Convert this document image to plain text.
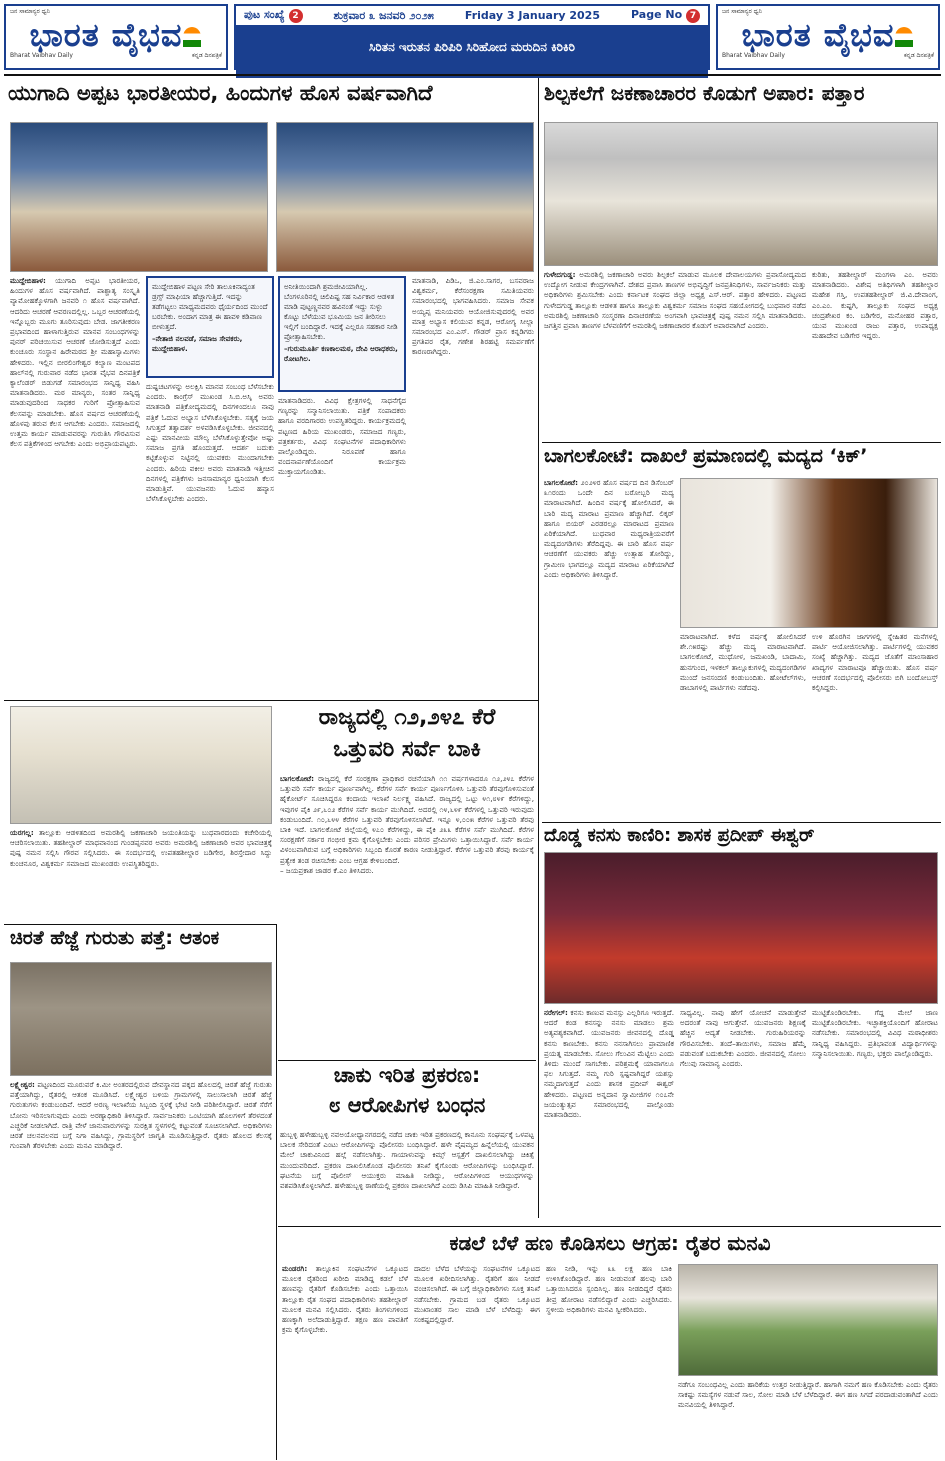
ಜನ ಸಾಮಾನ್ಯರ ಧ್ವನಿ
ಭಾರತ ವೈಭವ
Bharat Vaibhav Daily	ಕನ್ನಡ ದಿನಪತ್ರಿಕೆ
ಪುಟ ಸಂಖ್ಯೆ 2	ಶುಕ್ರವಾರ ೩ ಜನವರಿ ೨೦೨೫	Friday 3 January 2025	Page No 7
ಸಿರಿತನ ಇರುತನ ಪಿರಿಪಿರಿ ಸಿರಿಹೋದ ಮರುದಿನ ಕಿರಿಕಿರಿ
ಜನ ಸಾಮಾನ್ಯರ ಧ್ವನಿ
ಭಾರತ ವೈಭವ
Bharat Vaibhav Daily	ಕನ್ನಡ ದಿನಪತ್ರಿಕೆ
ಯುಗಾದಿ ಅಪ್ಪಟ ಭಾರತೀಯರ, ಹಿಂದುಗಳ ಹೊಸ ವರ್ಷವಾಗಿದೆ
ಮುದ್ದೇಬಿಹಾಳ: ಯುಗಾದಿ ಅಪ್ಪಟ ಭಾರತೀಯರ, ಹಿಂದುಗಳ ಹೊಸ ವರ್ಷವಾಗಿದೆ. ಪಾಶ್ಚಾತ್ಯ ಸಂಸ್ಕೃತಿ ವ್ಯಾಮೋಹಕ್ಕೊಳಗಾಗಿ ಜನವರಿ ೧ ಹೊಸ ವರ್ಷವಾಗಿದೆ. ಆದರಿದು ಆಚರಣೆ ಆವರಣದಲ್ಲಿಲ್ಲ. ಒಬ್ಬರ ಆಚರಣೆಯಲ್ಲಿ ಇನ್ನೊಬ್ಬರು ಮೂಗು ತೂರಿಸುವುದು ಬೇಡ. ಜಾಗತೀಕರಣ ಪ್ರಭಾವದಿಂದ ಹಾಳಾಗುತ್ತಿರುವ ಮಾನವ ಸಂಬಂಧಗಳನ್ನು ಪುನರ್ ಪರಿಚಯಿಸುವ ಆಚರಣೆ ಜೋಡಿಸುತ್ತದೆ ಎಂದು ಕುಂಚೂರು ಸಂಸ್ಥಾನ ಹಿರೇಮಠದ ಶ್ರೀ ಮಹಾಸ್ವಾಮಿಗಳು ಹೇಳಿದರು. ಇಲ್ಲಿನ ಬೀರಲಿಂಗೇಶ್ವರ ಕಲ್ಯಾಣ ಮಂಟಪದ ಹಾಲ್‌ನಲ್ಲಿ ಗುರುವಾರ ನಡೆದ ಭಾರತ ವೈಭವ ದಿನಪತ್ರಿಕೆ ಕ್ಯಾಲೆಂಡರ್ ಬಿಡುಗಡೆ ಸಮಾರಂಭದ ಸಾನ್ನಿಧ್ಯ ವಹಿಸಿ ಮಾತನಾಡಿದರು. ಮಠ ಮಾನ್ಯರು, ಸಂತರ ಸಾನ್ನಿಧ್ಯ ಮಾಡುವುದರಿಂದ ಸಾಧಕರ ಗುರಿಗೆ ಪ್ರೋತ್ಸಾಹಿಸುವ ಕೆಲಸವನ್ನು ಮಾಡಬೇಕು. ಹೊಸ ವರ್ಷದ ಆಚರಣೆಯಲ್ಲಿ ಹೊಳಪು ತರುವ ಕೆಲಸ ಆಗಬೇಕು ಎಂದರು. ಸಮಾಜದಲ್ಲಿ ಉತ್ತಮ ಕಾರ್ಯ ಮಾಡುವವರನ್ನು ಗುರುತಿಸಿ ಗೌರವಿಸುವ ಕೆಲಸ ಪತ್ರಿಕೆಗಳಿಂದ ಆಗಬೇಕು ಎಂದು ಅಭಿಪ್ರಾಯಪಟ್ಟರು.
ಮುದ್ದೇಬಿಹಾಳ ಪಟ್ಟಣ ಸೇರಿ ತಾಲೂಕಿನಾದ್ಯಂತ ಡ್ರಗ್ಸ್ ಮಾಫಿಯಾ ಹೆಚ್ಚಾಗುತ್ತಿದೆ. ಇದನ್ನು ತಡೆಗಟ್ಟಲು ಮಾಧ್ಯಮದವರು ಧೈರ್ಯದಿಂದ ಮುಂದೆ ಬರಬೇಕು. ಅಂದಾಗ ಮಾತ್ರ ಈ ಹಾವಳಿ ಕಡಿವಾಣ ಬೀಳುತ್ತದೆ.
–ನೇತಾಜಿ ನಲವಡೆ, ಸಮಾಜ ಸೇವಕರು, ಮುದ್ದೇಬಿಹಾಳ.
ದುಷ್ಟಚಟಗಳನ್ನು ಅಲಕ್ಷಿಸಿ ಮಾನವ ಸಂಬಂಧ ಬೆಳೆಸಬೇಕು ಎಂದರು. ಕಾಂಗ್ರೆಸ್ ಮುಖಂಡ ಸಿ.ಬಿ.ಅಸ್ಕಿ ಅವರು ಮಾತನಾಡಿ ಪತ್ರಿಕೋದ್ಯಮದಲ್ಲಿ ದಿನಗಳಿಂದಲೂ ನಾವು ಪತ್ರಿಕೆ ಓದುವ ಅಭ್ಯಾಸ ಬೆಳೆಸಿಕೊಳ್ಳಬೇಕು. ಸತ್ಯಕ್ಕೆ ಜಯ ಸಿಗುತ್ತದೆ ತತ್ವಾದರ್ಶ ಅಳವಡಿಸಿಕೊಳ್ಳಬೇಕು. ಜೀವನದಲ್ಲಿ ಎಷ್ಟು ಮಾನವೀಯ ಮೌಲ್ಯ ಬೆಳೆಸಿಕೊಳ್ಳುತ್ತೇವೋ ಅಷ್ಟು ಸಮಾಜ ಪ್ರಗತಿ ಹೊಂದುತ್ತದೆ. ಆದರ್ಶ ಬದುಕು ಕಟ್ಟಿಕೊಳ್ಳುವ ನಿಟ್ಟಿನಲ್ಲಿ ಯುವಕರು ಮುಂದಾಗಬೇಕು ಎಂದರು. ಹಿರಿಯ ವಕೀಲ ಅವರು ಮಾತನಾಡಿ ಇತ್ತೀಚಿನ ದಿನಗಳಲ್ಲಿ ಪತ್ರಿಕೆಗಳು ಜನಸಾಮಾನ್ಯರ ಧ್ವನಿಯಾಗಿ ಕೆಲಸ ಮಾಡುತ್ತಿವೆ. ಯುವಜನರು ಓದುವ ಹವ್ಯಾಸ ಬೆಳೆಸಿಕೊಳ್ಳಬೇಕು ಎಂದರು.
ಅನೀತಿಯಿಂದಾಗಿ ಶ್ರಮಜೀವಿಯಾಗಿಲ್ಲ. ಬೆಂಗಳೂರಿನಲ್ಲಿ ಚಿಲಿಪಿಷ್ಟ ಸಹ ನಿರ್ವಿಕಾರ ಆಡಳಿತ ಮಾಡಿ ಪುಟ್ಟಣ್ಣನವರ ಹವಿನಂತೆ ಇದ್ದು ಸುಳ್ಳು ಕೊಟ್ಟು ಬೆಳೆಯುವ ಭೂಮಿಯ ಜನ ತೀರಿಸಲು ಇಲ್ಲಿಗೆ ಬಂದಿದ್ದಾರೆ. ಇದಕ್ಕೆ ಎಲ್ಲರೂ ಸಹಕಾರ ನೀಡಿ ಪ್ರೋತ್ಸಾಹಿಸಬೇಕು.
–ಗುರುಮೂರ್ತಿ ಕಣಕಾಲಮಠ, ದೇವಿ ಆರಾಧಕರು, ರೋಟಗಿಲ.
ಮಾತನಾಡಿದರು. ವಿವಿಧ ಕ್ಷೇತ್ರಗಳಲ್ಲಿ ಸಾಧನೆಗೈದ ಗಣ್ಯರನ್ನು ಸನ್ಮಾನಿಸಲಾಯಿತು. ಪತ್ರಿಕೆ ಸಂಪಾದಕರು ಹಾಗೂ ವರದಿಗಾರರು ಉಪಸ್ಥಿತರಿದ್ದರು. ಕಾರ್ಯಕ್ರಮದಲ್ಲಿ ಪಟ್ಟಣದ ಹಿರಿಯ ಮುಖಂಡರು, ಸಮಾಜದ ಗಣ್ಯರು, ಪತ್ರಕರ್ತರು, ವಿವಿಧ ಸಂಘಟನೆಗಳ ಪದಾಧಿಕಾರಿಗಳು ಪಾಲ್ಗೊಂಡಿದ್ದರು. ನಿರೂಪಣೆ ಹಾಗೂ ವಂದನಾರ್ಪಣೆಯೊಂದಿಗೆ ಕಾರ್ಯಕ್ರಮ ಮುಕ್ತಾಯಗೊಂಡಿತು.
ಮಾತನಾಡಿ, ಪಿಡಿಒ, ಜಿ.ಎಂ.ಸಾಗರ, ಬಸವರಾಜ ವಿಶ್ವಕರ್ಮ, ಕೆರೆಸಂರಕ್ಷಣಾ ಸಮಿತಿಯವರು ಸಮಾರಂಭದಲ್ಲಿ ಭಾಗವಹಿಸಿದರು. ಸಮಾಜ ಸೇವಕ ಅಯ್ಯಪ್ಪ ಮನಿಯವರು ಆಯೋಜಿಸುವುದರಲ್ಲಿ ಅವರ ಮಾತ್ರ ಅಭ್ಯಾಸ ಕಲಿಯುವ ಕನ್ನಡ, ಆರೋಗ್ಯ ಸೀಲ್ಲಾ ಸಮಾರಂಭದ ಎಂ.ಎಸ್. ಗೌಡರ್ ಪ್ರಾಸ ಕನ್ನಡಿಗರು ಪ್ರಗತಿಪರ ರೈತ, ಗಣೇಶ ಶಿರಹಟ್ಟಿ ಸಮರ್ಪಣೆಗೆ ಕಾರಣರಾಗಿದ್ದರು.
ಶಿಲ್ಪಕಲೆಗೆ ಜಕಣಾಚಾರರ ಕೊಡುಗೆ ಅಪಾರ: ಪತ್ತಾರ
ಗುಳೇದಗುಡ್ಡ: ಅಮರಶಿಲ್ಪಿ ಜಕಣಾಚಾರಿ ಅವರು ಶಿಲ್ಪಕಲೆ ಮಾಡುವ ಮೂಲಕ ದೇವಾಲಯಗಳು ಪ್ರವಾಸೋದ್ಯಮದ ಉದ್ಯೋಗ ನೀಡುವ ಕೇಂದ್ರಗಳಾಗಿವೆ. ದೇಶದ ಪ್ರವಾಸಿ ತಾಣಗಳ ಅಭಿವೃದ್ಧಿಗೆ ಜನಪ್ರತಿನಿಧಿಗಳು, ಸಾರ್ವಜನಿಕರು ಮತ್ತು ಅಧಿಕಾರಿಗಳು ಶ್ರಮಿಸಬೇಕು ಎಂದು ಕರ್ನಾಟಕ ಸಂಘದ ಜಿಲ್ಲಾ ಅಧ್ಯಕ್ಷ ಎಸ್.ಆರ್. ಪತ್ತಾರ ಹೇಳಿದರು. ಪಟ್ಟಣದ ಗುಳೇದಗುಡ್ಡ ತಾಲ್ಲೂಕು ಆಡಳಿತ ಹಾಗೂ ತಾಲ್ಲೂಕು ವಿಶ್ವಕರ್ಮ ಸಮಾಜ ಸಂಘದ ಸಹಯೋಗದಲ್ಲಿ ಬುಧವಾರ ನಡೆದ ಅಮರಶಿಲ್ಪಿ ಜಕಣಾಚಾರಿ ಸಂಸ್ಮರಣಾ ದಿನಾಚರಣೆಯ ಅಂಗವಾಗಿ ಭಾವಚಿತ್ರಕ್ಕೆ ಪುಷ್ಪ ನಮನ ಸಲ್ಲಿಸಿ ಮಾತನಾಡಿದರು. ಜಗತ್ತಿನ ಪ್ರವಾಸಿ ತಾಣಗಳ ಬೆಳವಣಿಗೆಗೆ ಅಮರಶಿಲ್ಪಿ ಜಕಣಾಚಾರರ ಕೊಡುಗೆ ಅಪಾರವಾಗಿದೆ ಎಂದರು.
ಕುರಿತು, ತಹಶೀಲ್ದಾರ್ ಮಂಗಳಾ ಎಂ. ಅವರು ಮಾತನಾಡಿದರು. ವಿಶೇಷ ಅತಿಥಿಗಳಾಗಿ ತಹಶೀಲ್ದಾರ ಮಹೇಶ ಗಸ್ತಿ, ಉಪತಹಶೀಲ್ದಾರ್ ಜಿ.ವಿ.ದೇವಾಂಗ, ಎಂ.ಎಂ. ಕುಷ್ಟಗಿ, ತಾಲ್ಲೂಕು ಸಂಘದ ಅಧ್ಯಕ್ಷ ಚಂದ್ರಶೇಖರ ಕಂ. ಬಡಿಗೇರ, ಮನೋಹರ ಪತ್ತಾರ, ಯುವ ಮುಖಂಡ ರಾಜು ಪತ್ತಾರ, ಉಪಾಧ್ಯಕ್ಷ ಮಹಾದೇವ ಬಡಿಗೇರ ಇದ್ದರು.
ಬಾಗಲಕೋಟೆ: ದಾಖಲೆ ಪ್ರಮಾಣದಲ್ಲಿ ಮದ್ಯದ ‘ಕಿಕ್’
ಬಾಗಲಕೋಟೆ: ೨೦೨೪ರ ಹೊಸ ವರ್ಷದ ದಿನ ಡಿಸೆಂಬರ್ ೩೧ರಂದು ಒಂದೇ ದಿನ ಬರೋಬ್ಬರಿ ಮದ್ಯ ಮಾರಾಟವಾಗಿದೆ. ಹಿಂದಿನ ವರ್ಷಕ್ಕೆ ಹೋಲಿಸಿದರೆ, ಈ ಬಾರಿ ಮದ್ಯ ಮಾರಾಟ ಪ್ರಮಾಣ ಹೆಚ್ಚಾಗಿದೆ. ಲಿಕ್ಕರ್ ಹಾಗೂ ಬಿಯರ್ ಎರಡರಲ್ಲೂ ಮಾರಾಟದ ಪ್ರಮಾಣ ಏರಿಕೆಯಾಗಿದೆ. ಬುಧವಾರ ಮಧ್ಯರಾತ್ರಿಯವರೆಗೆ ಮದ್ಯದಂಗಡಿಗಳು ತೆರೆದಿದ್ದವು. ಈ ಬಾರಿ ಹೊಸ ವರ್ಷ ಆಚರಣೆಗೆ ಯುವಕರು ಹೆಚ್ಚು ಉತ್ಸಾಹ ತೋರಿದ್ದು, ಗ್ರಾಮೀಣ ಭಾಗದಲ್ಲೂ ಮದ್ಯದ ಮಾರಾಟ ಏರಿಕೆಯಾಗಿದೆ ಎಂದು ಅಧಿಕಾರಿಗಳು ತಿಳಿಸಿದ್ದಾರೆ.
ಮಾರಾಟವಾಗಿದೆ. ಕಳೆದ ವರ್ಷಕ್ಕೆ ಹೋಲಿಸಿದರೆ ಶೇ.೧೫ರಷ್ಟು ಹೆಚ್ಚು ಮದ್ಯ ಮಾರಾಟವಾಗಿದೆ. ಬಾಗಲಕೋಟೆ, ಮುಧೋಳ, ಜಮಖಂಡಿ, ಬಾದಾಮಿ, ಹುನಗುಂದ, ಇಳಕಲ್ ತಾಲ್ಲೂಕುಗಳಲ್ಲಿ ಮದ್ಯದಂಗಡಿಗಳ ಮುಂದೆ ಜನಸಂದಣಿ ಕಂಡುಬಂದಿತು. ಹೋಟೆಲ್‌ಗಳು, ಡಾಬಾಗಳಲ್ಲಿ ಪಾರ್ಟಿಗಳು ನಡೆದವು.
ಉಳಿ ಹೊರಗಿನ ಜಾಗಗಳಲ್ಲಿ ಸ್ನೇಹಿತರ ಮನೆಗಳಲ್ಲಿ ಪಾರ್ಟಿ ಆಯೋಜಿಸಲಾಗಿತ್ತು. ಪಾರ್ಟಿಗಳಲ್ಲಿ ಯುವಕರ ಸಂಖ್ಯೆ ಹೆಚ್ಚಾಗಿತ್ತು. ಮದ್ಯದ ಜೊತೆಗೆ ಮಾಂಸಾಹಾರ ಖಾದ್ಯಗಳ ಮಾರಾಟವೂ ಹೆಚ್ಚಾಯಿತು. ಹೊಸ ವರ್ಷ ಆಚರಣೆ ಸಂದರ್ಭದಲ್ಲಿ ಪೊಲೀಸರು ಬಿಗಿ ಬಂದೋಬಸ್ತ್ ಕಲ್ಪಿಸಿದ್ದರು.
ಯರಗಲ್ಲ: ತಾಲ್ಲೂಕು ಆಡಳಿತದಿಂದ ಅಮರಶಿಲ್ಪಿ ಜಕಣಾಚಾರಿ ಜಯಂತಿಯನ್ನು ಬುಧವಾರದಂದು ಕಚೇರಿಯಲ್ಲಿ ಆಚರಿಸಲಾಯಿತು. ತಹಶೀಲ್ದಾರ್ ಮಾಧವಾನಂದ ಗುಂಡಪ್ಪನವರ ಅವರು ಅಮರಶಿಲ್ಪಿ ಜಕಣಾಚಾರಿ ಅವರ ಭಾವಚಿತ್ರಕ್ಕೆ ಪುಷ್ಪ ನಮನ ಸಲ್ಲಿಸಿ ಗೌರವ ಸಲ್ಲಿಸಿದರು. ಈ ಸಂದರ್ಭದಲ್ಲಿ ಉಪತಹಶೀಲ್ದಾರ ಬಡಿಗೇರ, ಶಿರಸ್ತೇದಾರ ಸಿದ್ದು ಕುಂಚನೂರ, ವಿಶ್ವಕರ್ಮ ಸಮಾಜದ ಮುಖಂಡರು ಉಪಸ್ಥಿತರಿದ್ದರು.
ರಾಜ್ಯದಲ್ಲಿ ೧೨,೨೪೭ ಕೆರೆ
ಒತ್ತುವರಿ ಸರ್ವೆ ಬಾಕಿ
ಬಾಗಲಕೋಟೆ: ರಾಜ್ಯದಲ್ಲಿ ಕೆರೆ ಸಂರಕ್ಷಣಾ ಪ್ರಾಧಿಕಾರ ರಚನೆಯಾಗಿ ೧೧ ವರ್ಷಗಳಾದರೂ ೧೨,೨೪೭ ಕೆರೆಗಳ ಒತ್ತುವರಿ ಸರ್ವೆ ಕಾರ್ಯ ಪೂರ್ಣವಾಗಿಲ್ಲ. ಕೆರೆಗಳ ಸರ್ವೆ ಕಾರ್ಯ ಪೂರ್ಣಗೊಳಿಸಿ ಒತ್ತುವರಿ ತೆರವುಗೊಳಿಸುವಂತೆ ಹೈಕೋರ್ಟ್ ಸೂಚಿಸಿದ್ದರೂ ಕಂದಾಯ ಇಲಾಖೆ ನಿರ್ಲಕ್ಷ್ಯ ವಹಿಸಿದೆ. ರಾಜ್ಯದಲ್ಲಿ ಒಟ್ಟು ೪೧,೮೪೯ ಕೆರೆಗಳಿದ್ದು, ಇವುಗಳ ಪೈಕಿ ೨೯,೬೦೨ ಕೆರೆಗಳ ಸರ್ವೆ ಕಾರ್ಯ ಮುಗಿದಿದೆ. ಅದರಲ್ಲಿ ೧೪,೬೪೯ ಕೆರೆಗಳಲ್ಲಿ ಒತ್ತುವರಿ ಇರುವುದು ಕಂಡುಬಂದಿದೆ. ೧೦,೬೪೪ ಕೆರೆಗಳ ಒತ್ತುವರಿ ತೆರವುಗೊಳಿಸಲಾಗಿದೆ. ಇನ್ನೂ ೪,೦೦೫ ಕೆರೆಗಳ ಒತ್ತುವರಿ ತೆರವು ಬಾಕಿ ಇದೆ. ಬಾಗಲಕೋಟೆ ಜಿಲ್ಲೆಯಲ್ಲಿ ೪೭೦ ಕೆರೆಗಳಿದ್ದು, ಈ ಪೈಕಿ ೨೩೩ ಕೆರೆಗಳ ಸರ್ವೆ ಮುಗಿದಿದೆ. ಕೆರೆಗಳ ಸಂರಕ್ಷಣೆಗೆ ಸರ್ಕಾರ ಗಂಭೀರ ಕ್ರಮ ಕೈಗೊಳ್ಳಬೇಕು ಎಂದು ಪರಿಸರ ಪ್ರೇಮಿಗಳು ಒತ್ತಾಯಿಸಿದ್ದಾರೆ. ಸರ್ವೆ ಕಾರ್ಯ ವಿಳಂಬವಾಗಿರುವ ಬಗ್ಗೆ ಅಧಿಕಾರಿಗಳು ಸಿಬ್ಬಂದಿ ಕೊರತೆ ಕಾರಣ ನೀಡುತ್ತಿದ್ದಾರೆ. ಕೆರೆಗಳ ಒತ್ತುವರಿ ತೆರವು ಕಾರ್ಯಕ್ಕೆ ಪ್ರತ್ಯೇಕ ತಂಡ ರಚಿಸಬೇಕು ಎಂಬ ಆಗ್ರಹ ಕೇಳಿಬಂದಿದೆ.
– ಜಯಪ್ರಕಾಶ ಜಾಡರ ಕೆ.ಎಂ ತಿಳಿಸಿದರು.
ಚಿರತೆ ಹೆಜ್ಜೆ ಗುರುತು ಪತ್ತೆ: ಆತಂಕ
ಲಕ್ಷ್ಮೇಶ್ವರ: ಪಟ್ಟಣದಿಂದ ಮೂರುವರೆ ಕಿ.ಮೀ ಅಂತರದಲ್ಲಿರುವ ದೇವಸ್ಥಾನದ ಪಕ್ಕದ ಹೊಲದಲ್ಲಿ ಚಿರತೆ ಹೆಜ್ಜೆ ಗುರುತು ಪತ್ತೆಯಾಗಿದ್ದು, ರೈತರಲ್ಲಿ ಆತಂಕ ಮೂಡಿಸಿದೆ. ಲಕ್ಷ್ಮೇಶ್ವರ ಬಳಿಯ ಗ್ರಾಮಗಳಲ್ಲಿ ಸಾಲುಸಾಲಾಗಿ ಚಿರತೆ ಹೆಜ್ಜೆ ಗುರುತುಗಳು ಕಂಡುಬಂದಿವೆ. ಆದರೆ ಅರಣ್ಯ ಇಲಾಖೆಯ ಸಿಬ್ಬಂದಿ ಸ್ಥಳಕ್ಕೆ ಭೇಟಿ ನೀಡಿ ಪರಿಶೀಲಿಸಿದ್ದಾರೆ. ಚಿರತೆ ಸೆರೆಗೆ ಬೋನು ಇರಿಸಲಾಗುವುದು ಎಂದು ಅರಣ್ಯಾಧಿಕಾರಿ ತಿಳಿಸಿದ್ದಾರೆ. ಸಾರ್ವಜನಿಕರು ಒಂಟಿಯಾಗಿ ಹೊಲಗಳಿಗೆ ತೆರಳದಂತೆ ಎಚ್ಚರಿಕೆ ನೀಡಲಾಗಿದೆ. ರಾತ್ರಿ ವೇಳೆ ಜಾನುವಾರುಗಳನ್ನು ಸುರಕ್ಷಿತ ಸ್ಥಳಗಳಲ್ಲಿ ಕಟ್ಟುವಂತೆ ಸೂಚಿಸಲಾಗಿದೆ. ಅಧಿಕಾರಿಗಳು ಚಿರತೆ ಚಲನವಲನದ ಬಗ್ಗೆ ನಿಗಾ ವಹಿಸಿದ್ದು, ಗ್ರಾಮಸ್ಥರಿಗೆ ಜಾಗೃತಿ ಮೂಡಿಸುತ್ತಿದ್ದಾರೆ. ರೈತರು ಹೊಲದ ಕೆಲಸಕ್ಕೆ ಗುಂಪಾಗಿ ತೆರಳಬೇಕು ಎಂದು ಮನವಿ ಮಾಡಿದ್ದಾರೆ.
ಚಾಕು ಇರಿತ ಪ್ರಕರಣ:
೮ ಆರೋಪಿಗಳ ಬಂಧನ
ಹುಬ್ಬಳ್ಳಿ ಹಳೇಹುಬ್ಬಳ್ಳಿ ನವಅಯೋಧ್ಯಾನಗರದಲ್ಲಿ ನಡೆದ ಚಾಕು ಇರಿತ ಪ್ರಕರಣದಲ್ಲಿ ಕಾನೂನು ಸಂಘರ್ಷಕ್ಕೆ ಒಳಪಟ್ಟ ಬಾಲಕ ಸೇರಿದಂತೆ ಎಂಟು ಆರೋಪಿಗಳನ್ನು ಪೊಲೀಸರು ಬಂಧಿಸಿದ್ದಾರೆ. ಹಳೇ ವೈಷಮ್ಯದ ಹಿನ್ನೆಲೆಯಲ್ಲಿ ಯುವಕನ ಮೇಲೆ ಚಾಕುವಿನಿಂದ ಹಲ್ಲೆ ನಡೆಸಲಾಗಿತ್ತು. ಗಾಯಾಳುವನ್ನು ಕಿಮ್ಸ್ ಆಸ್ಪತ್ರೆಗೆ ದಾಖಲಿಸಲಾಗಿದ್ದು ಚಿಕಿತ್ಸೆ ಮುಂದುವರಿದಿದೆ. ಪ್ರಕರಣ ದಾಖಲಿಸಿಕೊಂಡ ಪೊಲೀಸರು ತನಿಖೆ ಕೈಗೊಂಡು ಆರೋಪಿಗಳನ್ನು ಬಂಧಿಸಿದ್ದಾರೆ. ಘಟನೆಯ ಬಗ್ಗೆ ಪೊಲೀಸ್ ಆಯುಕ್ತರು ಮಾಹಿತಿ ನೀಡಿದ್ದು, ಆರೋಪಿಗಳಿಂದ ಆಯುಧಗಳನ್ನು ವಶಪಡಿಸಿಕೊಳ್ಳಲಾಗಿದೆ. ಹಳೇಹುಬ್ಬಳ್ಳಿ ಠಾಣೆಯಲ್ಲಿ ಪ್ರಕರಣ ದಾಖಲಾಗಿದೆ ಎಂದು ಡಿಸಿಪಿ ಮಾಹಿತಿ ನೀಡಿದ್ದಾರೆ.
ದೊಡ್ಡ ಕನಸು ಕಾಣಿರಿ: ಶಾಸಕ ಪ್ರದೀಪ್ ಈಶ್ವರ್
ನರೇಗಲ್: ಕನಸು ಕಾಣುವ ಮನಸ್ಸು ಎಲ್ಲರಿಗೂ ಇರುತ್ತದೆ. ಆದರೆ ಕಂಡ ಕನಸನ್ನು ನನಸು ಮಾಡಲು ಶ್ರಮ ಅತ್ಯವಶ್ಯಕವಾಗಿದೆ. ಯುವಜನರು ಜೀವನದಲ್ಲಿ ದೊಡ್ಡ ಕನಸು ಕಾಣಬೇಕು. ಕನಸು ನನಸಾಗಿಸಲು ಪ್ರಾಮಾಣಿಕ ಪ್ರಯತ್ನ ಮಾಡಬೇಕು. ಸೋಲು ಗೆಲುವಿನ ಮೆಟ್ಟಿಲು ಎಂದು ತಿಳಿದು ಮುಂದೆ ಸಾಗಬೇಕು. ಪರಿಶ್ರಮಕ್ಕೆ ಯಾವಾಗಲೂ ಫಲ ಸಿಗುತ್ತದೆ. ನಮ್ಮ ಗುರಿ ಸ್ಪಷ್ಟವಾಗಿದ್ದರೆ ಯಶಸ್ಸು ನಮ್ಮದಾಗುತ್ತದೆ ಎಂದು ಶಾಸಕ ಪ್ರದೀಪ್ ಈಶ್ವರ್ ಹೇಳಿದರು. ಪಟ್ಟಣದ ಅನ್ನದಾನ ಸ್ವಾಮೀಜಿಗಳ ೧೦೭ನೇ ಜಯಂತ್ಯುತ್ಸವ ಸಮಾರಂಭದಲ್ಲಿ ಪಾಲ್ಗೊಂಡು ಮಾತನಾಡಿದರು.
ಸಾಧ್ಯವಿಲ್ಲ. ನಾವು ಹೇಗೆ ಯೋಚನೆ ಮಾಡುತ್ತೇವೆ ಅದರಂತೆ ನಾವು ಆಗುತ್ತೇವೆ. ಯುವಜನರು ಶಿಕ್ಷಣಕ್ಕೆ ಹೆಚ್ಚಿನ ಆದ್ಯತೆ ನೀಡಬೇಕು. ಗುರುಹಿರಿಯರನ್ನು ಗೌರವಿಸಬೇಕು. ತಂದೆ–ತಾಯಿಗಳು, ಸಮಾಜ ಹೆಮ್ಮೆ ಪಡುವಂತೆ ಬದುಕಬೇಕು ಎಂದರು. ಜೀವನದಲ್ಲಿ ಸೋಲು ಗೆಲುವು ಸಾಮಾನ್ಯ ಎಂದರು.
ಮುಟ್ಟಿಕೊಂಡಿರಬೇಕು. ಗೆದ್ದ ಮೇಲೆ ಜಾಣ ಮುಟ್ಟಿಕೊಂಡಿರಬೇಕು. ಇಚ್ಛಾಶಕ್ತಿಯೊಂದಿಗೆ ಹೋರಾಟ ನಡೆಸಬೇಕು. ಸಮಾರಂಭದಲ್ಲಿ ವಿವಿಧ ಮಠಾಧೀಶರು ಸಾನ್ನಿಧ್ಯ ವಹಿಸಿದ್ದರು. ಪ್ರತಿಭಾವಂತ ವಿದ್ಯಾರ್ಥಿಗಳನ್ನು ಸನ್ಮಾನಿಸಲಾಯಿತು. ಗಣ್ಯರು, ಭಕ್ತರು ಪಾಲ್ಗೊಂಡಿದ್ದರು.
ಕಡಲೆ ಬೆಳೆ ಹಣ ಕೊಡಿಸಲು ಆಗ್ರಹ: ರೈತರ ಮನವಿ
ಮಂಡರಗಿ: ತಾಲ್ಲೂಕಿನ ಸಂಘಟನೆಗಳ ಒಕ್ಕೂಟದ ಮೂಲಕ ರೈತರಿಂದ ಖರೀದಿ ಮಾಡಿದ್ದ ಕಡಲೆ ಬೆಳೆ ಹಣವನ್ನು ರೈತರಿಗೆ ಕೊಡಿಸಬೇಕು ಎಂದು ಒತ್ತಾಯಿಸಿ ತಾಲ್ಲೂಕು ರೈತ ಸಂಘದ ಪದಾಧಿಕಾರಿಗಳು ತಹಶೀಲ್ದಾರ್ ಮೂಲಕ ಮನವಿ ಸಲ್ಲಿಸಿದರು. ರೈತರು ತಿಂಗಳುಗಳಿಂದ ಹಣಕ್ಕಾಗಿ ಅಲೆದಾಡುತ್ತಿದ್ದಾರೆ. ತಕ್ಷಣ ಹಣ ಪಾವತಿಗೆ ಕ್ರಮ ಕೈಗೊಳ್ಳಬೇಕು.
ದಾದಲ ಬೆಳೆದ ಬೆಳೆಯನ್ನು ಸಂಘಟನೆಗಳ ಒಕ್ಕೂಟದ ಮೂಲಕ ಖರೀದಿಸಲಾಗಿತ್ತು. ರೈತರಿಗೆ ಹಣ ನೀಡದೆ ವಂಚಿಸಲಾಗಿದೆ. ಈ ಬಗ್ಗೆ ಜಿಲ್ಲಾಧಿಕಾರಿಗಳು ಸೂಕ್ತ ತನಿಖೆ ನಡೆಸಬೇಕು. ಗ್ರಾಮದ ಬಡ ರೈತರು ಒಕ್ಕೂಟದ ಮುಖಾಂತರ ಸಾಲ ಮಾಡಿ ಬೆಳೆ ಬೆಳೆದಿದ್ದು ಈಗ ಸಂಕಷ್ಟದಲ್ಲಿದ್ದಾರೆ.
ಹಣ ನೀಡಿ, ಇನ್ನು ೩೩ ಲಕ್ಷ ಹಣ ಬಾಕಿ ಉಳಿಸಿಕೊಂಡಿದ್ದಾರೆ. ಹಣ ನೀಡುವಂತೆ ಹಲವು ಬಾರಿ ಒತ್ತಾಯಿಸಿದರೂ ಸ್ಪಂದಿಸಿಲ್ಲ. ಹಣ ನೀಡದಿದ್ದರೆ ರೈತರು ತೀವ್ರ ಹೋರಾಟ ನಡೆಸಲಿದ್ದಾರೆ ಎಂದು ಎಚ್ಚರಿಸಿದರು. ಸ್ಥಳೀಯ ಅಧಿಕಾರಿಗಳು ಮನವಿ ಸ್ವೀಕರಿಸಿದರು.
ನಡೆಗೂ ಸಂಬಂಧವಿಲ್ಲ ಎಂದು ಹಾರಿಕೆಯ ಉತ್ತರ ನೀಡುತ್ತಿದ್ದಾರೆ. ಹಾಗಾಗಿ ನಮಗೆ ಹಣ ಕೊಡಿಸಬೇಕು ಎಂದು ರೈತರು ಸಾಕಷ್ಟು ಸಮಸ್ಯೆಗಳ ನಡುವೆ ಸಾಲ, ಸೋಲ ಮಾಡಿ ಬೆಳೆ ಬೆಳೆದಿದ್ದಾರೆ. ಈಗ ಹಣ ಸಿಗದೆ ಪರದಾಡುವಂತಾಗಿದೆ ಎಂದು ಮನವಿಯಲ್ಲಿ ತಿಳಿಸಿದ್ದಾರೆ.
